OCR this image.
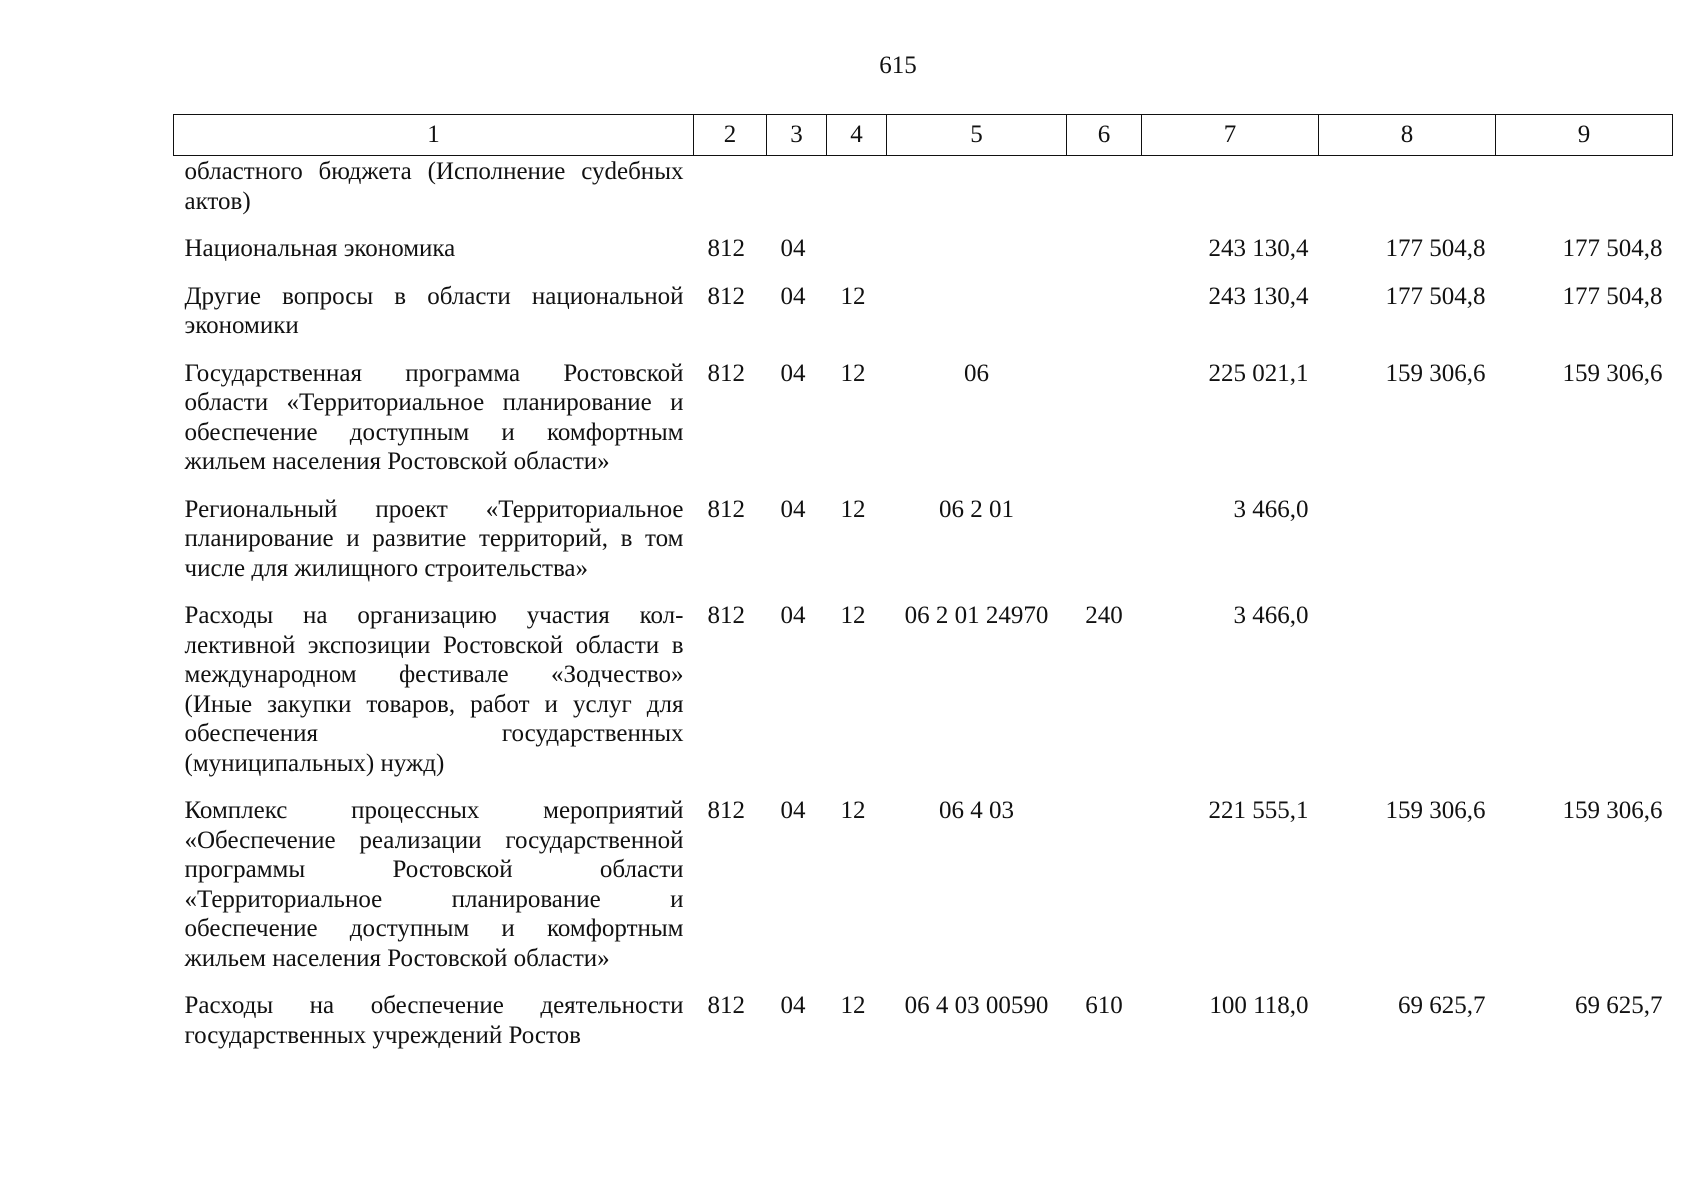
615
1	2	3	4	5	6	7	8	9
областного бюджета (Исполнение суdебных актов)								
Национальная экономика	812	04				243 130,4	177 504,8	177 504,8
Другие вопросы в области национальной экономики	812	04	12			243 130,4	177 504,8	177 504,8
Государственная программа Ростовской области «Территориальное планирование и обеспечение доступным и комфортным жильем населения Ростовской области»	812	04	12	06		225 021,1	159 306,6	159 306,6
Региональный проект «Территориальное планирование и развитие территорий, в том числе для жилищного строительства»	812	04	12	06 2 01		3 466,0		
Расходы на организацию участия коллективной экспозиции Ростовской области в международном фестивале «Зодчество» (Иные закупки товаров, работ и услуг для обеспечения государственных (муниципальных) нужд)	812	04	12	06 2 01 24970	240	3 466,0		
Комплекс процессных мероприятий «Обеспечение реализации государственной программы Ростовской области «Территориальное планирование и обеспечение доступным и комфортным жильем населения Ростовской области»	812	04	12	06 4 03		221 555,1	159 306,6	159 306,6
Расходы на обеспечение деятельности государственных учреждений Ростов	812	04	12	06 4 03 00590	610	100 118,0	69 625,7	69 625,7
